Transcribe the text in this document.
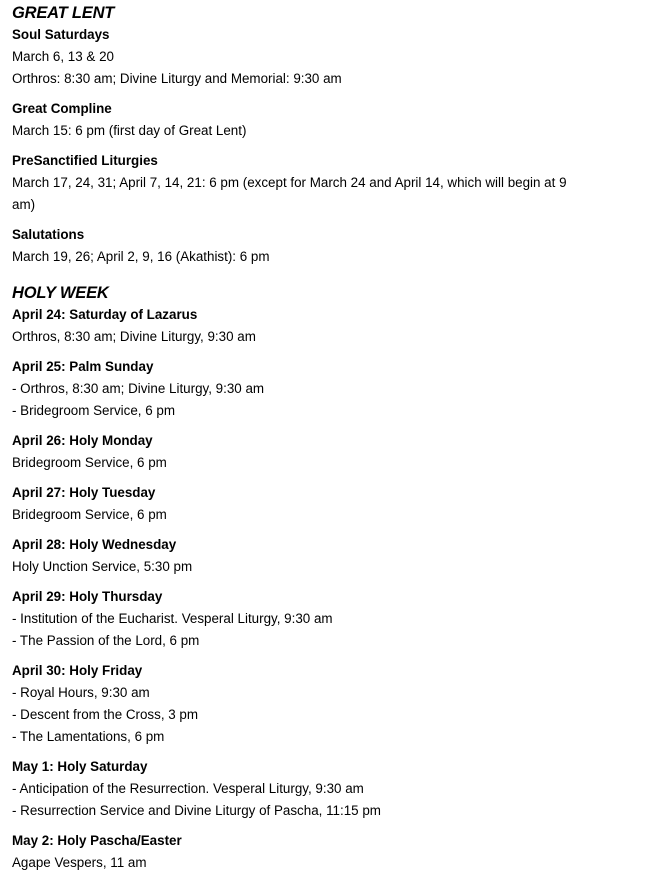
GREAT LENT

Soul Saturdays

March 6, 13 & 20

Orthros: 8:30 am; Divine Liturgy and Memorial: 9:30 am

Great Compline

March 15: 6 pm (first day of Great Lent)

PreSanctified Liturgies

March 17, 24, 31; April 7, 14, 21: 6 pm (except for March 24 and April 14, which will begin at 9

am)

Salutations

March 19, 26; April 2, 9, 16 (Akathist): 6 pm

HOLY WEEK

April 24: Saturday of Lazarus

Orthros, 8:30 am; Divine Liturgy, 9:30 am

April 25: Palm Sunday

- Orthros, 8:30 am; Divine Liturgy, 9:30 am

- Bridegroom Service, 6 pm

April 26: Holy Monday

Bridegroom Service, 6 pm

April 27: Holy Tuesday

Bridegroom Service, 6 pm

April 28: Holy Wednesday

Holy Unction Service, 5:30 pm

April 29: Holy Thursday

- Institution of the Eucharist. Vesperal Liturgy, 9:30 am

- The Passion of the Lord, 6 pm

April 30: Holy Friday

- Royal Hours, 9:30 am

- Descent from the Cross, 3 pm

- The Lamentations, 6 pm

May 1: Holy Saturday

- Anticipation of the Resurrection. Vesperal Liturgy, 9:30 am

- Resurrection Service and Divine Liturgy of Pascha, 11:15 pm

May 2: Holy Pascha/Easter

Agape Vespers, 11 am
